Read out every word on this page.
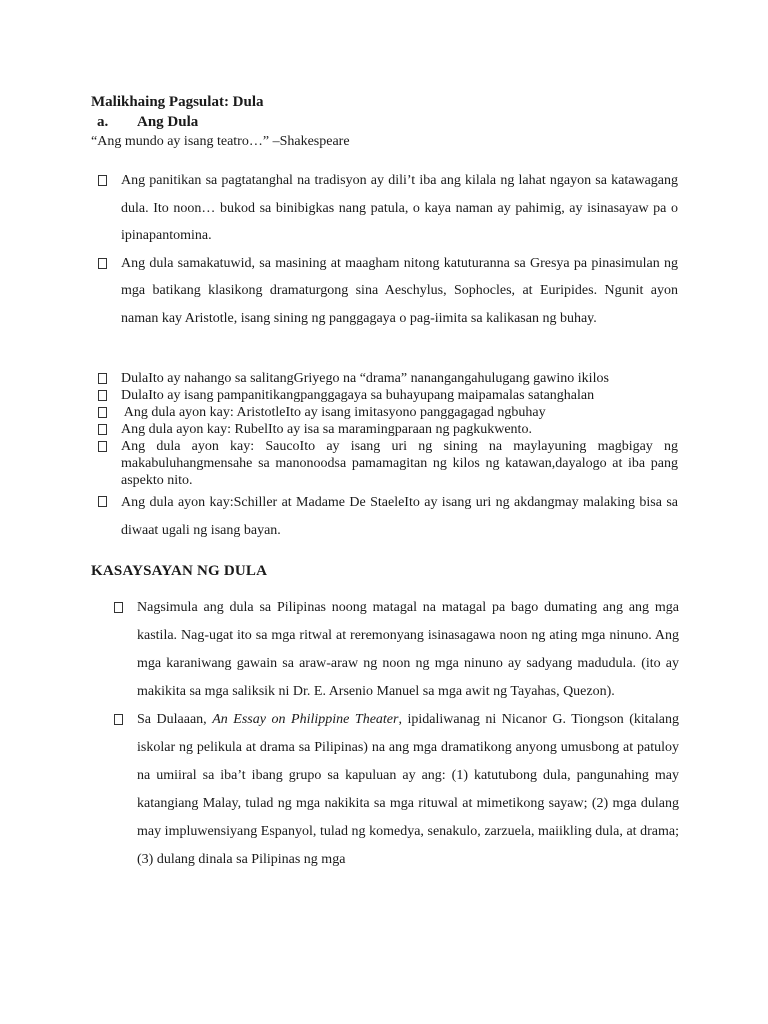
Malikhaing Pagsulat: Dula
a. Ang Dula
“Ang mundo ay isang teatro…” –Shakespeare
Ang panitikan sa pagtatanghal na tradisyon ay dili’t iba ang kilala ng lahat ngayon sa katawagang dula. Ito noon… bukod sa binibigkas nang patula, o kaya naman ay pahimig, ay isinasayaw pa o ipinapantomina.
Ang dula samakatuwid, sa masining at maagham nitong katuturanna sa Gresya pa pinasimulan ng mga batikang klasikong dramaturgong sina Aeschylus, Sophocles, at Euripides. Ngunit ayon naman kay Aristotle, isang sining ng panggagaya o pag-iimita sa kalikasan ng buhay.
DulaIto ay nahango sa salitangGriyego na “drama” nanangangahulugang gawino ikilos
DulaIto ay isang pampanitikangpanggagaya sa buhayupang maipamalas satanghalan
Ang dula ayon kay: AristotleIto ay isang imitasyono panggagagad ngbuhay
Ang dula ayon kay: RubelIto ay isa sa maramingparaan ng pagkukwento.
Ang dula ayon kay: SaucoIto ay isang uri ng sining na maylayuning magbigay ng makabuluhangmensahe sa manonoodsa pamamagitan ng kilos ng katawan,dayalogo at iba pang aspekto nito.
Ang dula ayon kay:Schiller at Madame De StaeleIto ay isang uri ng akdangmay malaking bisa sa diwaat ugali ng isang bayan.
KASAYSAYAN NG DULA
Nagsimula ang dula sa Pilipinas noong matagal na matagal pa bago dumating ang ang mga kastila. Nag-ugat ito sa mga ritwal at reremonyang isinasagawa noon ng ating mga ninuno. Ang mga karaniwang gawain sa araw-araw ng noon ng mga ninuno ay sadyang madudula. (ito ay makikita sa mga saliksik ni Dr. E. Arsenio Manuel sa mga awit ng Tayahas, Quezon).
Sa Dulaaan, An Essay on Philippine Theater, ipidaliwanag ni Nicanor G. Tiongson (kitalang iskolar ng pelikula at drama sa Pilipinas) na ang mga dramatikong anyong umusbong at patuloy na umiiral sa iba’t ibang grupo sa kapuluan ay ang: (1) katutubong dula, pangunahing may katangiang Malay, tulad ng mga nakikita sa mga rituwal at mimetikong sayaw; (2) mga dulang may impluwensiyang Espanyol, tulad ng komedya, senakulo, zarzuela, maiikling dula, at drama; (3) dulang dinala sa Pilipinas ng mga
